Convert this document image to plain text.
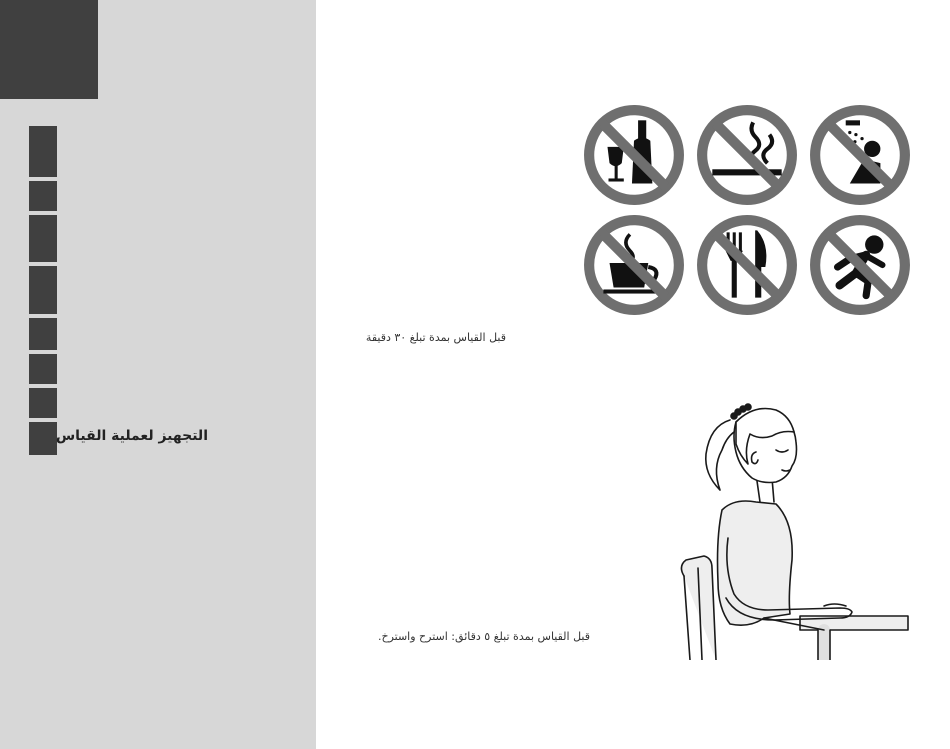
التجهيز لعملية القياس
قبل القياس بمدة تبلغ ٣٠ دقيقة
قبل القياس بمدة تبلغ ٥ دقائق: استرح واسترخ.
